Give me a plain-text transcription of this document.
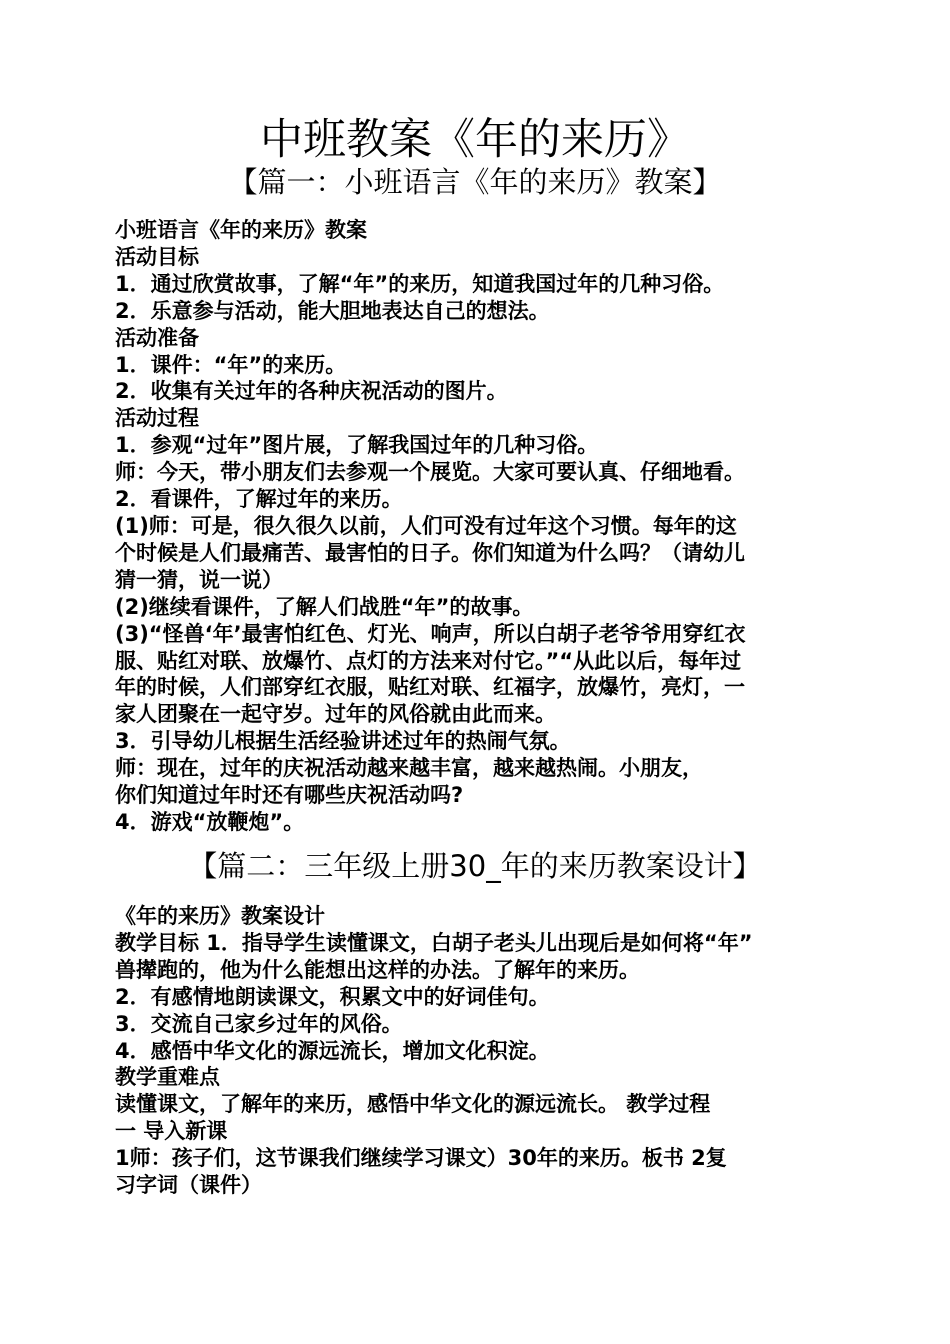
中班教案《年的来历》
【篇一：小班语言《年的来历》教案】
小班语言《年的来历》教案
活动目标
1．通过欣赏故事，了解“年”的来历，知道我国过年的几种习俗。
2．乐意参与活动，能大胆地表达自己的想法。
活动准备
1．课件：“年”的来历。
2．收集有关过年的各种庆祝活动的图片。
活动过程
1．参观“过年”图片展，了解我国过年的几种习俗。
师：今天，带小朋友们去参观一个展览。大家可要认真、仔细地看。
2．看课件，了解过年的来历。
(1)师：可是，很久很久以前，人们可没有过年这个习惯。每年的这
个时候是人们最痛苦、最害怕的日子。你们知道为什么吗？（请幼儿
猜一猜，说一说）
(2)继续看课件，了解人们战胜“年”的故事。
(3)“怪兽‘年’最害怕红色、灯光、响声，所以白胡子老爷爷用穿红衣
服、贴红对联、放爆竹、点灯的方法来对付它。”“从此以后，每年过
年的时候，人们部穿红衣服，贴红对联、红福字，放爆竹，亮灯，一
家人团聚在一起守岁。过年的风俗就由此而来。
3．引导幼儿根据生活经验讲述过年的热闹气氛。
师：现在，过年的庆祝活动越来越丰富，越来越热闹。小朋友，
你们知道过年时还有哪些庆祝活动吗?
4．游戏“放鞭炮”。
【篇二：三年级上册30_年的来历教案设计】
《年的来历》教案设计
教学目标 1．指导学生读懂课文，白胡子老头儿出现后是如何将“年”
兽撵跑的，他为什么能想出这样的办法。了解年的来历。
2．有感情地朗读课文，积累文中的好词佳句。
3．交流自己家乡过年的风俗。
4．感悟中华文化的源远流长，增加文化积淀。
教学重难点
读懂课文，了解年的来历，感悟中华文化的源远流长。 教学过程
一 导入新课
1师：孩子们，这节课我们继续学习课文）30年的来历。板书 2复
习字词（课件）
